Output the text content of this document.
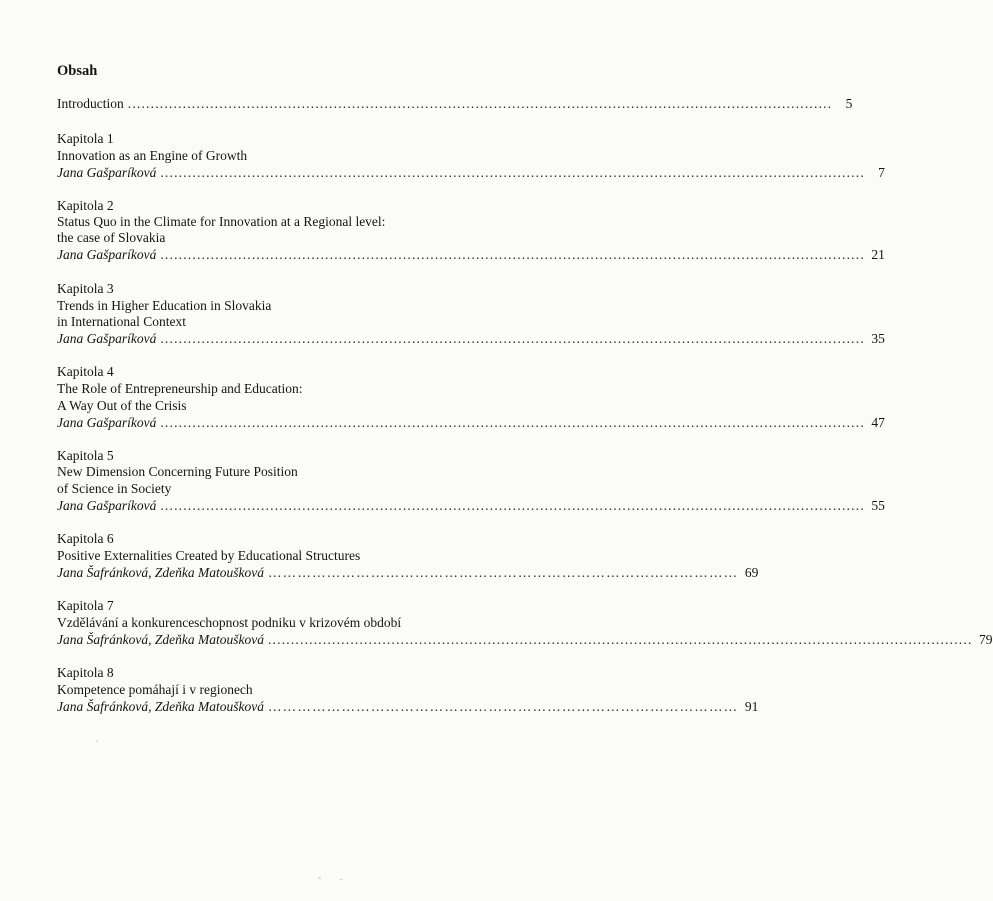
Obsah
Introduction .......................................................................................................................................................... 5
Kapitola 1
Innovation as an Engine of Growth
Jana Gašparíková .......................................................................................................................................................... 7
Kapitola 2
Status Quo in the Climate for Innovation at a Regional level:
the case of Slovakia
Jana Gašparíková .......................................................................................................................................................... 21
Kapitola 3
Trends in Higher Education in Slovakia
in International Context
Jana Gašparíková .......................................................................................................................................................... 35
Kapitola 4
The Role of Entrepreneurship and Education:
A Way Out of the Crisis
Jana Gašparíková .......................................................................................................................................................... 47
Kapitola 5
New Dimension Concerning Future Position
of Science in Society
Jana Gašparíková .......................................................................................................................................................... 55
Kapitola 6
Positive Externalities Created by Educational Structures
Jana Šafránková, Zdeňka Matoušková …………………………………………………………………………………… 69
Kapitola 7
Vzdělávání a konkurenceschopnost podniku v krizovém období
Jana Šafránková, Zdeňka Matoušková .......................................................................................................................................................... 79
Kapitola 8
Kompetence pomáhají i v regionech
Jana Šafránková, Zdeňka Matoušková …………………………………………………………………………………… 91
